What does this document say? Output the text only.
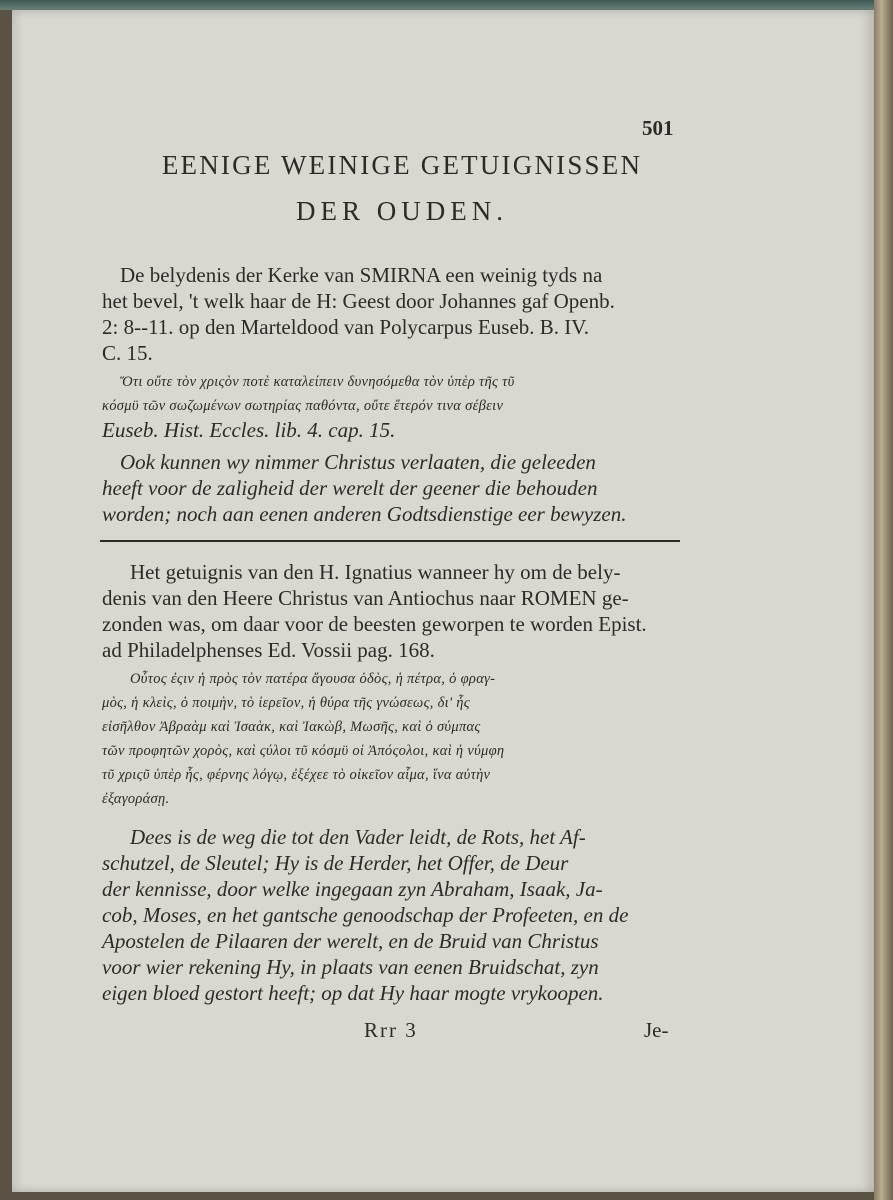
501
EENIGE WEINIGE GETUIGNISSEN
DER OUDEN.
De belydenis der Kerke van SMIRNA een weinig tyds na
het bevel, 't welk haar de H: Geest door Johannes gaf Openb.
2: 8--11. op den Marteldood van Polycarpus Euseb. B. IV.
C. 15.
Ὅτι οὔτε τὸν χριςὸν ποτὲ καταλείπειν δυνησόμεθα τὸν ὑπὲρ τῆς τῦ
κόσμϋ τῶν σωζωμένων σωτηρίας παθόντα, οὔτε ἕτερόν τινα σέβειν
Euseb. Hist. Eccles. lib. 4. cap. 15.
Ook kunnen wy nimmer Christus verlaaten, die geleeden
heeft voor de zaligheid der werelt der geener die behouden
worden; noch aan eenen anderen Godtsdienstige eer bewyzen.
Het getuignis van den H. Ignatius wanneer hy om de bely-
denis van den Heere Christus van Antiochus naar ROMEN ge-
zonden was, om daar voor de beesten geworpen te worden Epist.
ad Philadelphenses Ed. Vossii pag. 168.
Οὗτος ἐςιν ἡ πρὸς τὸν πατέρα ἄγουσα ὁδὸς, ἡ πέτρα, ὁ φραγ-
μὸς, ἡ κλεὶς, ὁ ποιμὴν, τὸ ἱερεῖον, ἡ θύρα τῆς γνώσεως, δι' ἧς
εἰσῆλθον Ἀβραὰμ καὶ Ἰσαὰκ, καὶ Ἰακὼβ, Μωσῆς, καὶ ὁ σύμπας
τῶν προφητῶν χορὸς, καὶ ςύλοι τῦ κόσμϋ οἱ Ἀπόςολοι, καὶ ἡ νύμφη
τῦ χριςῦ ὑπὲρ ἧς, φέρνης λόγῳ, ἐξέχεε τὸ οἰκεῖον αἷμα, ἵνα αὐτὴν
ἐξαγοράσῃ.
Dees is de weg die tot den Vader leidt, de Rots, het Af-
schutzel, de Sleutel; Hy is de Herder, het Offer, de Deur
der kennisse, door welke ingegaan zyn Abraham, Isaak, Ja-
cob, Moses, en het gantsche genoodschap der Profeeten, en de
Apostelen de Pilaaren der werelt, en de Bruid van Christus
voor wier rekening Hy, in plaats van eenen Bruidschat, zyn
eigen bloed gestort heeft; op dat Hy haar mogte vrykoopen.
Rrr 3	Je-
